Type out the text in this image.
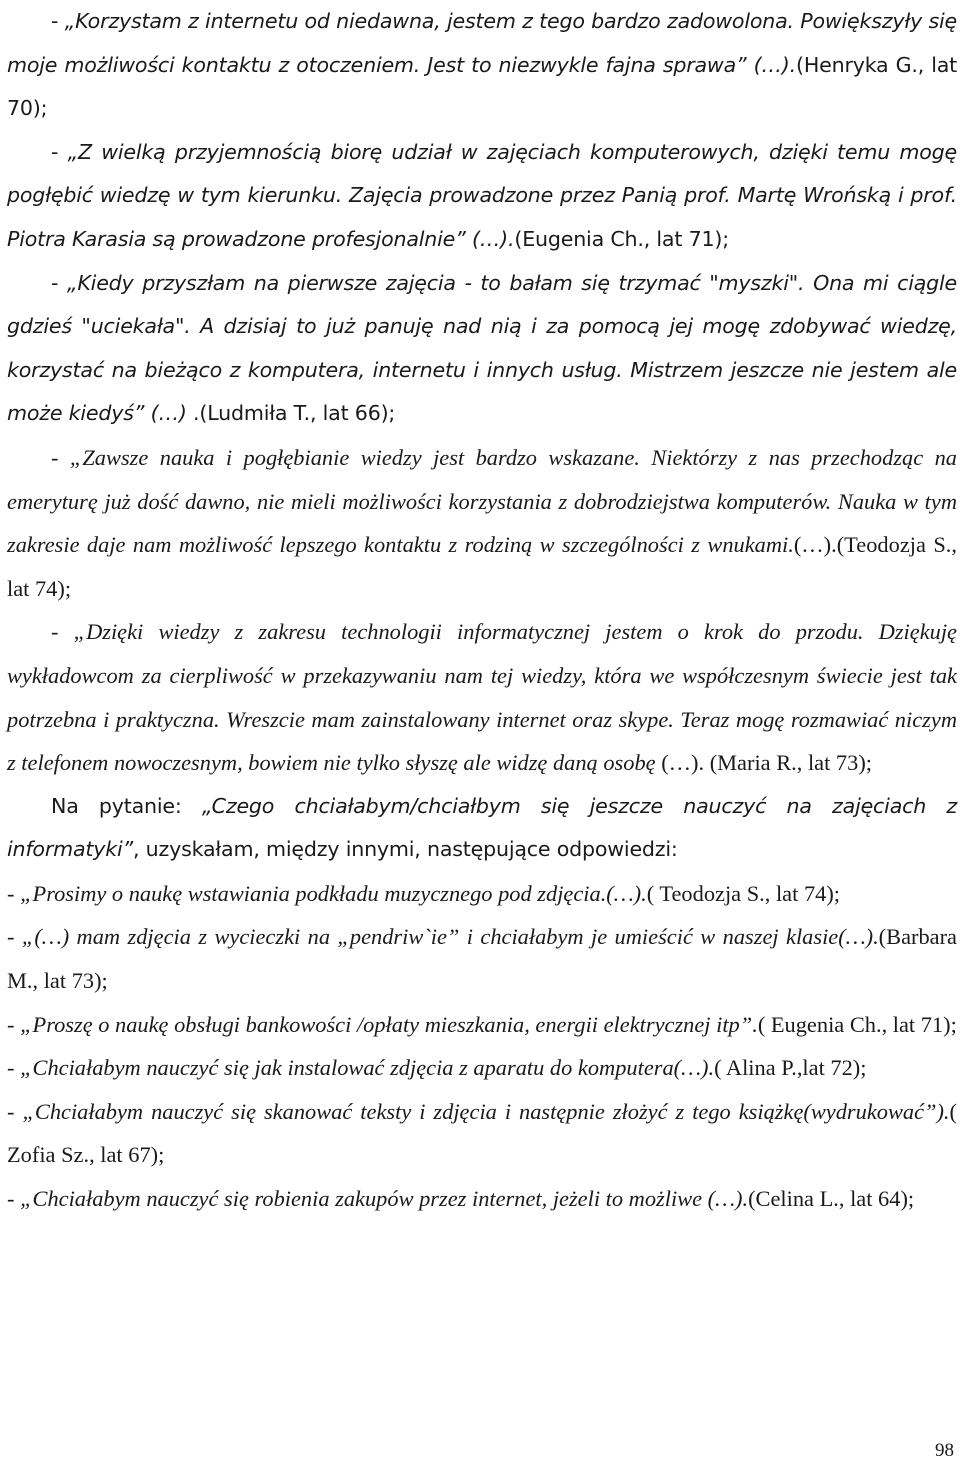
- „Korzystam z internetu od niedawna, jestem z tego bardzo zadowolona. Powiększyły się moje możliwości kontaktu z otoczeniem. Jest to niezwykle fajna sprawa” (…).(Henryka G., lat 70);

- „Z wielką przyjemnością biorę udział w zajęciach komputerowych, dzięki temu mogę pogłębić wiedzę w tym kierunku. Zajęcia prowadzone przez Panią prof. Martę Wrońską i prof. Piotra Karasia są prowadzone profesjonalnie” (…).(Eugenia Ch., lat 71);

- „Kiedy przyszłam na pierwsze zajęcia - to bałam się trzymać "myszki". Ona mi ciągle gdzieś "uciekała". A dzisiaj to już panuję nad nią i za pomocą jej mogę zdobywać wiedzę, korzystać na bieżąco z komputera, internetu i innych usług. Mistrzem jeszcze nie jestem ale może kiedyś” (…) .(Ludmiła T., lat 66);

- „Zawsze nauka i pogłębianie wiedzy jest bardzo wskazane. Niektórzy z nas przechodząc na emeryturę już dość dawno, nie mieli możliwości korzystania z dobrodziejstwa komputerów. Nauka w tym zakresie daje nam możliwość lepszego kontaktu z rodziną w szczególności z wnukami.(…).(Teodozja S., lat 74);

- „Dzięki wiedzy z zakresu technologii informatycznej jestem o krok do przodu. Dziękuję wykładowcom za cierpliwość w przekazywaniu nam tej wiedzy, która we współczesnym świecie jest tak potrzebna i praktyczna. Wreszcie mam zainstalowany internet oraz skype. Teraz mogę rozmawiać niczym z telefonem nowoczesnym, bowiem nie tylko słyszę ale widzę daną osobę (…). (Maria R., lat 73);

Na pytanie: „Czego chciałabym/chciałbym się jeszcze nauczyć na zajęciach z informatyki”, uzyskałam, między innymi, następujące odpowiedzi:

- „Prosimy o naukę wstawiania podkładu muzycznego pod zdjęcia.(…).( Teodozja S., lat 74);

- „(…) mam zdjęcia z wycieczki na „pendriw`ie” i chciałabym je umieścić w naszej klasie(…).(Barbara M., lat 73);

- „Proszę o naukę obsługi bankowości /opłaty mieszkania, energii elektrycznej itp”.( Eugenia Ch., lat 71);

- „Chciałabym nauczyć się jak instalować zdjęcia z aparatu do komputera(…).( Alina P.,lat 72);

- „Chciałabym nauczyć się skanować teksty i zdjęcia i następnie złożyć z tego książkę(wydrukować”).( Zofia Sz., lat 67);

- „Chciałabym nauczyć się robienia zakupów przez internet, jeżeli to możliwe (…).(Celina L., lat 64);

98
